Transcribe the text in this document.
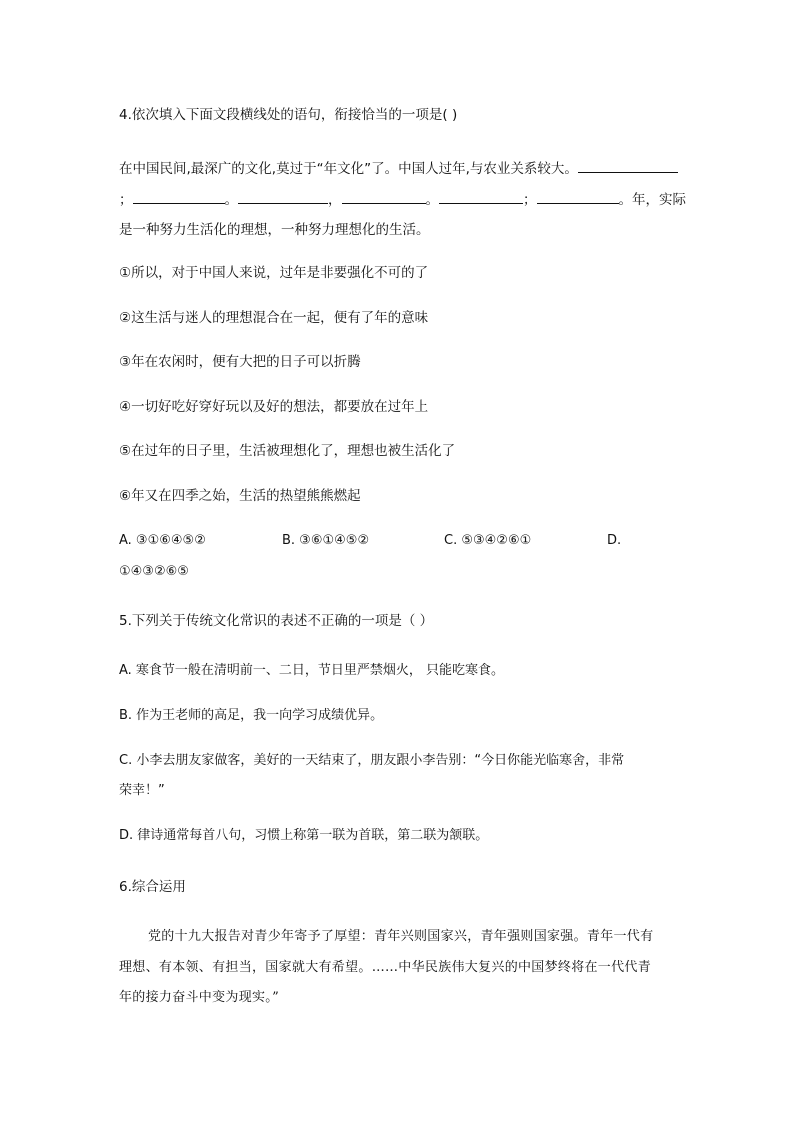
4.依次填入下面文段横线处的语句，衔接恰当的一项是( )
在中国民间,最深广的文化,莫过于“年文化”了。中国人过年,与农业关系较大。
；	。	，	。	；	。年，实际
是一种努力生活化的理想，一种努力理想化的生活。
①所以，对于中国人来说，过年是非要强化不可的了
②这生活与迷人的理想混合在一起，便有了年的意味
③年在农闲时，便有大把的日子可以折腾
④一切好吃好穿好玩以及好的想法，都要放在过年上
⑤在过年的日子里，生活被理想化了，理想也被生活化了
⑥年又在四季之始，生活的热望熊熊燃起
A. ③①⑥④⑤②	B. ③⑥①④⑤②	C. ⑤③④②⑥①	D.
①④③②⑥⑤
5.下列关于传统文化常识的表述不正确的一项是（ ）
A. 寒食节一般在清明前一、二日，节日里严禁烟火， 只能吃寒食。
B. 作为王老师的高足，我一向学习成绩优异。
C. 小李去朋友家做客，美好的一天结束了，朋友跟小李告别：“今日你能光临寒舍，非常
荣幸！”
D. 律诗通常每首八句，习惯上称第一联为首联，第二联为颔联。
6.综合运用
党的十九大报告对青少年寄予了厚望：青年兴则国家兴，青年强则国家强。青年一代有
理想、有本领、有担当，国家就大有希望。……中华民族伟大复兴的中国梦终将在一代代青
年的接力奋斗中变为现实。”
